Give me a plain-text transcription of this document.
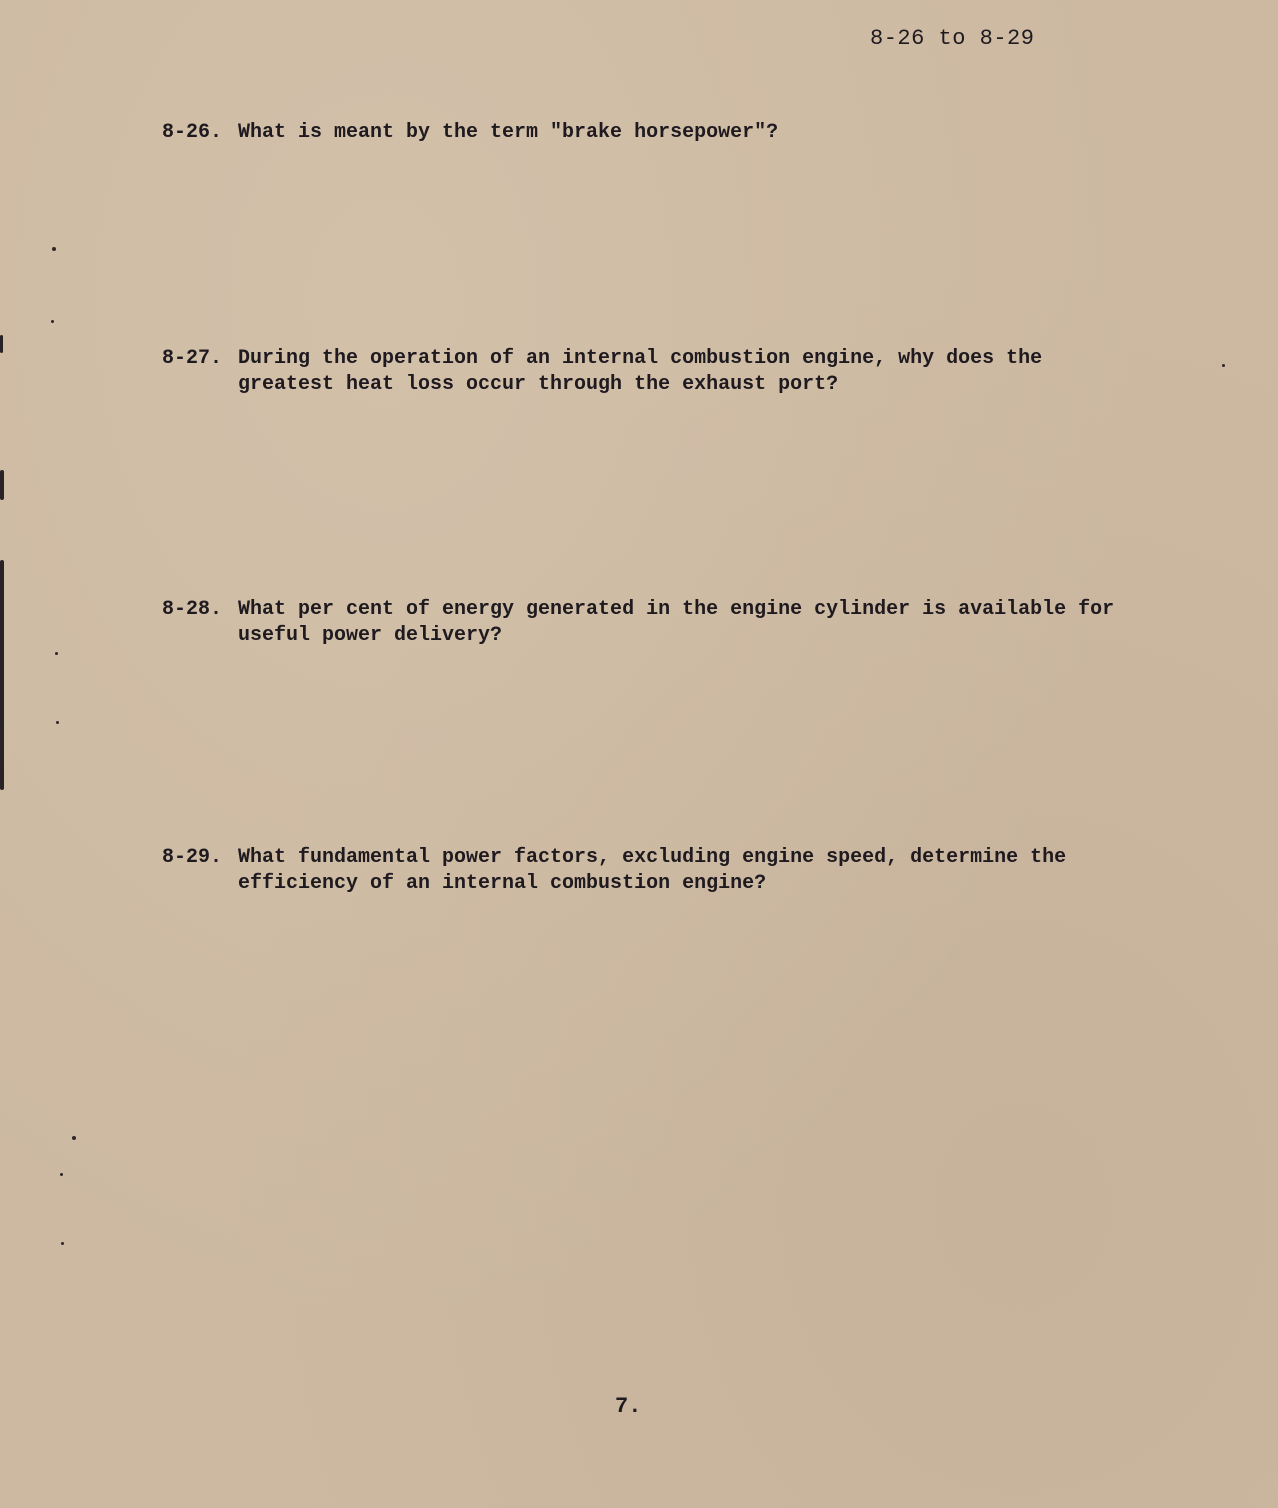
8-26 to 8-29
8-26. What is meant by the term "brake horsepower"?
8-27. During the operation of an internal combustion engine, why does the greatest heat loss occur through the exhaust port?
8-28. What per cent of energy generated in the engine cylinder is available for useful power delivery?
8-29. What fundamental power factors, excluding engine speed, determine the efficiency of an internal combustion engine?
7.
